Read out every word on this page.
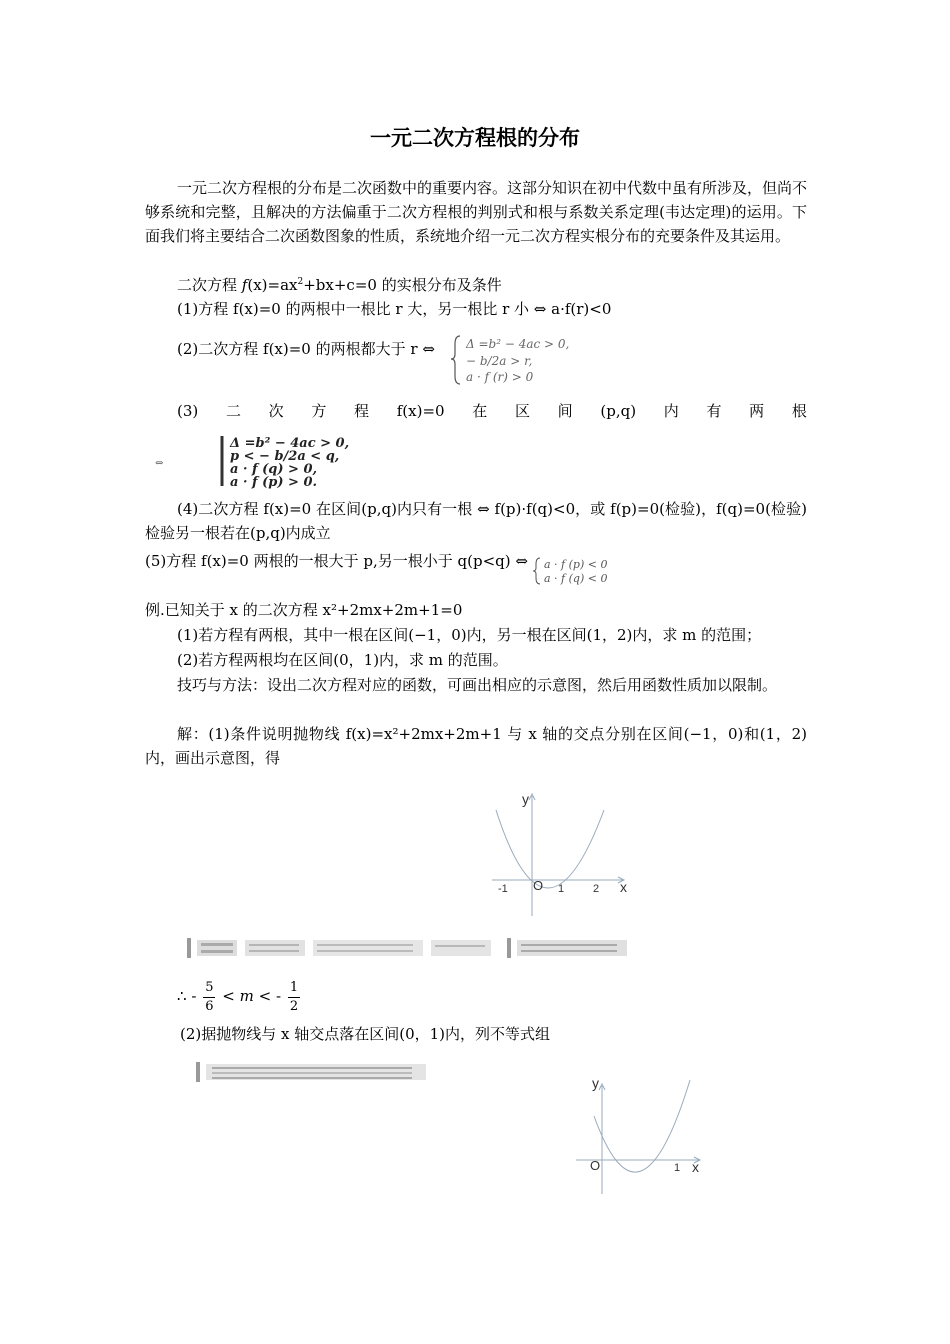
一元二次方程根的分布
一元二次方程根的分布是二次函数中的重要内容。这部分知识在初中代数中虽有所涉及，但尚不够系统和完整，且解决的方法偏重于二次方程根的判别式和根与系数关系定理(韦达定理)的运用。下面我们将主要结合二次函数图象的性质，系统地介绍一元二次方程实根分布的充要条件及其运用。
二次方程 $f(x)=ax^2+bx+c=0$ 的实根分布及条件
(1)方程 f(x)=0 的两根中一根比 r 大，另一根比 r 小 ⇔ a·f(r)<0
(2)二次方程 f(x)=0 的两根都大于 r ⇔	Δ =b² − 4ac > 0,
− b/2a > r,
a · f (r) > 0
(3) 二 次 方 程 f(x)=0 在 区 间 (p,q) 内 有 两 根
⇔
Δ =b² − 4ac > 0,
p < − b/2a < q,
a · f (q) > 0,
a · f (p) > 0.
(4)二次方程 f(x)=0 在区间(p,q)内只有一根 ⇔ f(p)·f(q)<0，或 f(p)=0(检验)，f(q)=0(检验)检验另一根若在(p,q)内成立
(5)方程 f(x)=0 两根的一根大于 p,另一根小于 q(p<q) ⇔ a · f (p) < 0
a · f (q) < 0
例.已知关于 x 的二次方程 x²+2mx+2m+1=0
(1)若方程有两根，其中一根在区间(−1，0)内，另一根在区间(1，2)内，求 m 的范围；
(2)若方程两根均在区间(0，1)内，求 m 的范围。
技巧与方法：设出二次方程对应的函数，可画出相应的示意图，然后用函数性质加以限制。
解：(1)条件说明抛物线 f(x)=x²+2mx+2m+1 与 x 轴的交点分别在区间(−1，0)和(1，2)内，画出示意图，得
y
x
O
-1	1	2
∴ - $\frac{5}{6} < m$ < - $\frac{1}{2}$
(2)据抛物线与 x 轴交点落在区间(0，1)内，列不等式组
y
x
O	1
